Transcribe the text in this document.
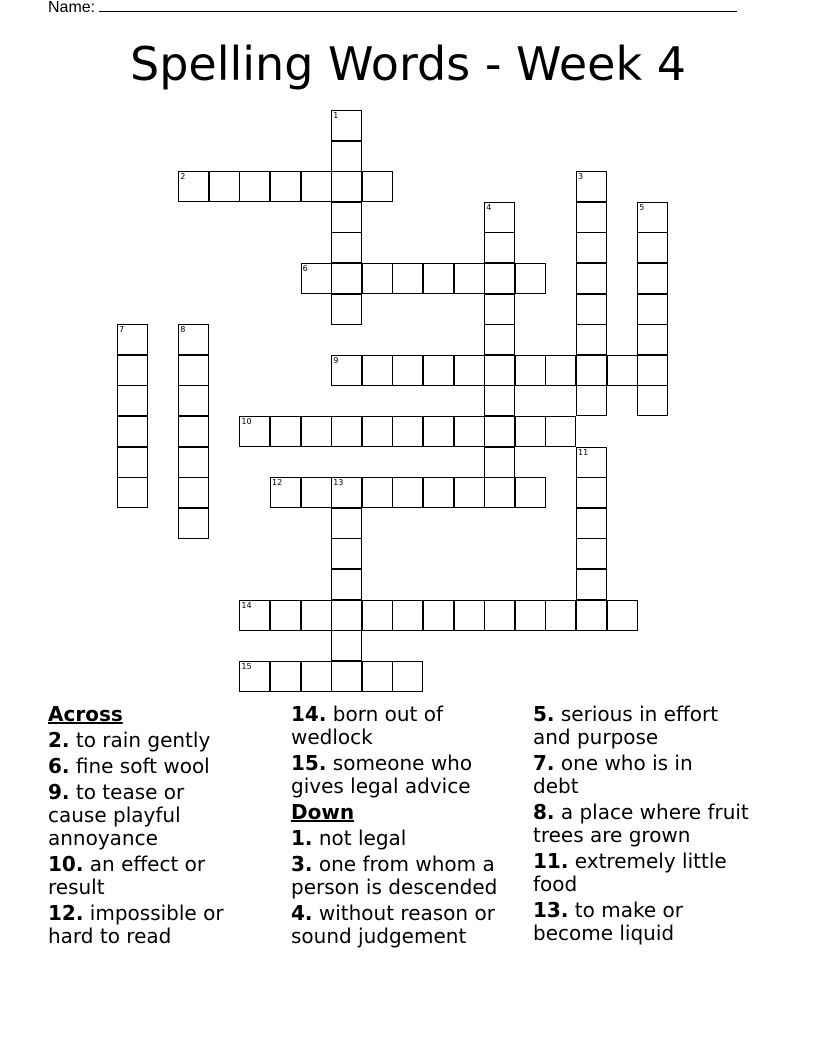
Name:
Spelling Words - Week 4
1
2	3
4	5
6
7	8
9
10
11
12	13
14
15
Across
2. to rain gently
6. fine soft wool
9. to tease or cause playful annoyance
10. an effect or result
12. impossible or hard to read
14. born out of wedlock
15. someone who gives legal advice
Down
1. not legal
3. one from whom a person is descended
4. without reason or sound judgement
5. serious in effort and purpose
7. one who is in debt
8. a place where fruit trees are grown
11. extremely little food
13. to make or become liquid
